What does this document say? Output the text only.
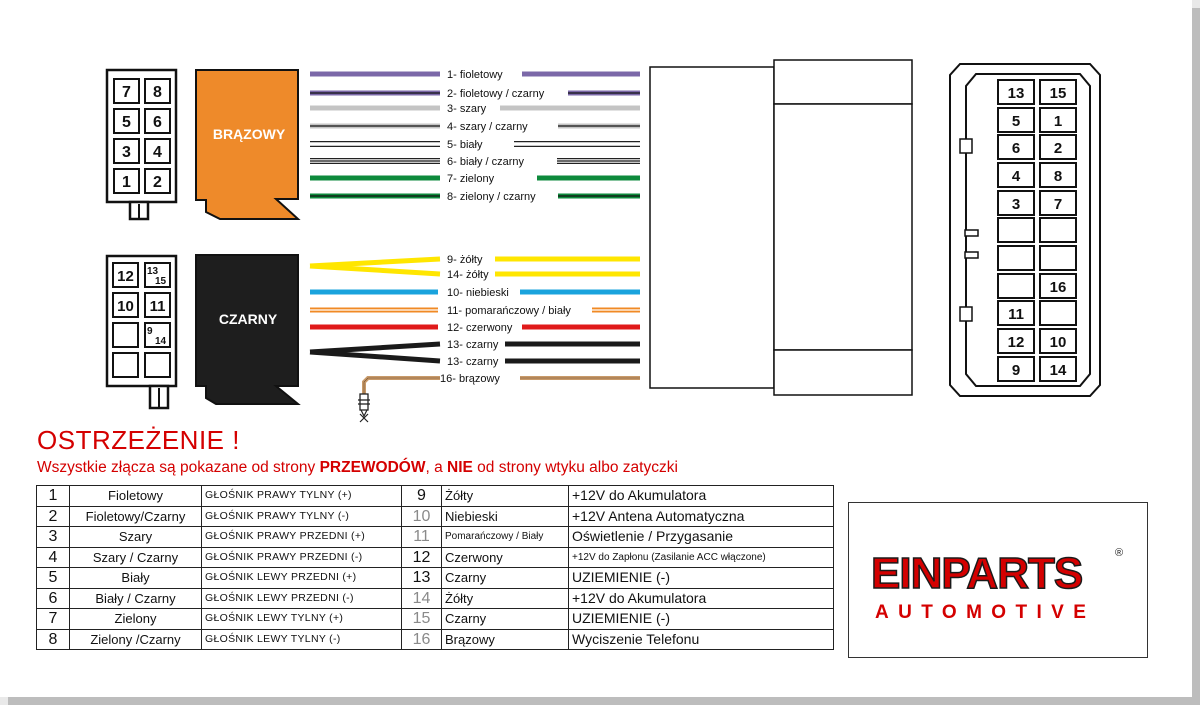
7 8
5 6
3 4
1 2
12 13
15
10 11
9
14
BRĄZOWY
CZARNY
13 15
5 1
6 2
4 8
3 7
16
11
12 10
9 14
1- fioletowy
2- fioletowy / czarny
3- szary
4- szary / czarny
5- biały
6- biały / czarny
7- zielony
8- zielony / czarny
9- żółty
14- żółty
10- niebieski
11- pomarańczowy / biały
12- czerwony
13- czarny
13- czarny
16- brązowy
OSTRZEŻENIE !
Wszystkie złącza są pokazane od strony PRZEWODÓW, a NIE od strony wtyku albo zatyczki
1	Fioletowy	GŁOŚNIK PRAWY TYLNY (+)	9	Żółty	+12V do Akumulatora
2	Fioletowy/Czarny	GŁOŚNIK PRAWY TYLNY (-)	10	Niebieski	+12V Antena Automatyczna
3	Szary	GŁOŚNIK PRAWY PRZEDNI (+)	11	Pomarańczowy / Biały	Oświetlenie / Przygasanie
4	Szary / Czarny	GŁOŚNIK PRAWY PRZEDNI (-)	12	Czerwony	+12V do Zapłonu (Zasilanie ACC włączone)
5	Biały	GŁOŚNIK LEWY PRZEDNI (+)	13	Czarny	UZIEMIENIE (-)
6	Biały / Czarny	GŁOŚNIK LEWY PRZEDNI (-)	14	Żółty	+12V do Akumulatora
7	Zielony	GŁOŚNIK LEWY TYLNY (+)	15	Czarny	UZIEMIENIE (-)
8	Zielony /Czarny	GŁOŚNIK LEWY TYLNY (-)	16	Brązowy	Wyciszenie Telefonu
EINPARTS	®
AUTOMOTIVE
